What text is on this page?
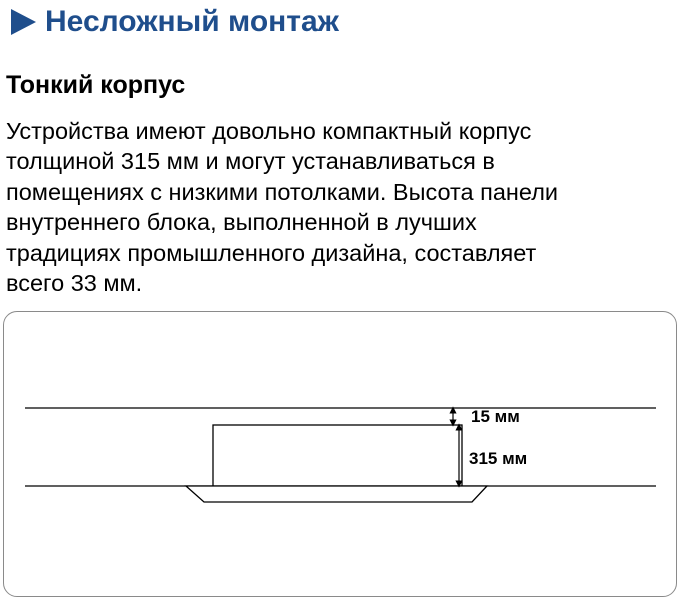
Несложный монтаж
Тонкий корпус
Устройства имеют довольно компактный корпус
толщиной 315 мм и могут устанавливаться в
помещениях с низкими потолками. Высота панели
внутреннего блока, выполненной в лучших
традициях промышленного дизайна, составляет
всего 33 мм.
15 мм
315 мм
